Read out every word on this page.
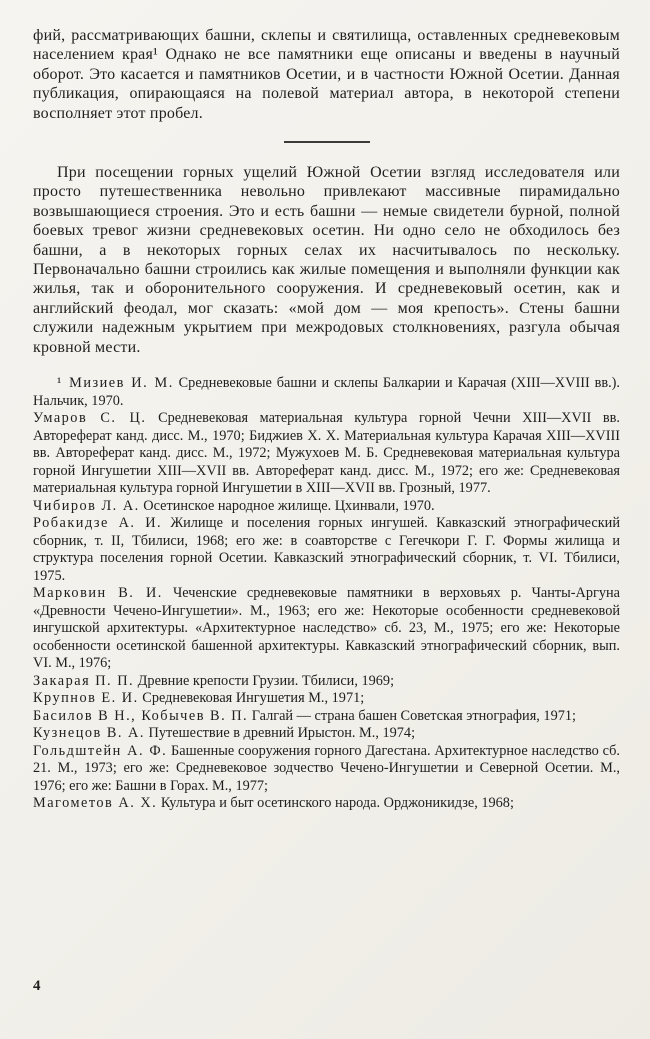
фий, рассматривающих башни, склепы и святилища, оставленных средневековым населением края¹ Однако не все памятники еще описаны и введены в научный оборот. Это касается и памятников Осетии, и в частности Южной Осетии. Данная публикация, опирающаяся на полевой материал автора, в некоторой степени восполняет этот пробел.

При посещении горных ущелий Южной Осетии взгляд исследователя или просто путешественника невольно привлекают массивные пирамидально возвышающиеся строения. Это и есть башни — немые свидетели бурной, полной боевых тревог жизни средневековых осетин. Ни одно село не обходилось без башни, а в некоторых горных селах их насчитывалось по нескольку. Первоначально башни строились как жилые помещения и выполняли функции как жилья, так и оборонительного сооружения. И средневековый осетин, как и английский феодал, мог сказать: «мой дом — моя крепость». Стены башни служили надежным укрытием при межродовых столкновениях, разгула обычая кровной мести.

¹ Мизиев И. М. Средневековые башни и склепы Балкарии и Карачая (XIII—XVIII вв.). Нальчик, 1970.

Умаров С. Ц. Средневековая материальная культура горной Чечни XIII—XVII вв. Автореферат канд. дисс. М., 1970; Биджиев Х. Х. Материальная культура Карачая XIII—XVIII вв. Автореферат канд. дисс. М., 1972; Мужухоев М. Б. Средневековая материальная культура горной Ингушетии XIII—XVII вв. Автореферат канд. дисс. М., 1972; его же: Средневековая материальная культура горной Ингушетии в XIII—XVII вв. Грозный, 1977.

Чибиров Л. А. Осетинское народное жилище. Цхинвали, 1970.

Робакидзе А. И. Жилище и поселения горных ингушей. Кавказский этнографический сборник, т. II, Тбилиси, 1968; его же: в соавторстве с Гегечкори Г. Г. Формы жилища и структура поселения горной Осетии. Кавказский этнографический сборник, т. VI. Тбилиси, 1975.

Марковин В. И. Чеченские средневековые памятники в верховьях р. Чанты-Аргуна «Древности Чечено-Ингушетии». М., 1963; его же: Некоторые особенности средневековой ингушской архитектуры. «Архитектурное наследство» сб. 23, М., 1975; его же: Некоторые особенности осетинской башенной архитектуры. Кавказский этнографический сборник, вып. VI. М., 1976;

Закарая П. П. Древние крепости Грузии. Тбилиси, 1969;

Крупнов Е. И. Средневековая Ингушетия М., 1971;

Басилов В Н., Кобычев В. П. Галгай — страна башен Советская этнография, 1971;

Кузнецов В. А. Путешествие в древний Ирыстон. М., 1974;

Гольдштейн А. Ф. Башенные сооружения горного Дагестана. Архитектурное наследство сб. 21. М., 1973; его же: Средневековое зодчество Чечено-Ингушетии и Северной Осетии. М., 1976; его же: Башни в Горах. М., 1977;

Магометов А. Х. Культура и быт осетинского народа. Орджоникидзе, 1968;

4
